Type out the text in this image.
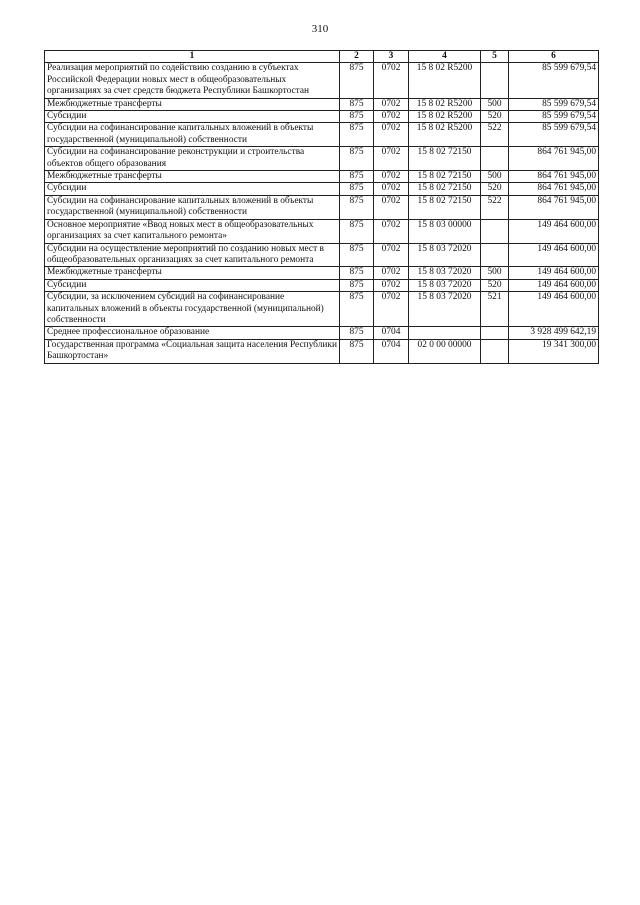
310
1	2	3	4	5	6
Реализация мероприятий по содействию созданию в субъектах Российской Федерации новых мест в общеобразовательных организациях за счет средств бюджета Республики Башкортостан	875	0702	15 8 02 R5200		85 599 679,54
Межбюджетные трансферты	875	0702	15 8 02 R5200	500	85 599 679,54
Субсидии	875	0702	15 8 02 R5200	520	85 599 679,54
Субсидии на софинансирование капитальных вложений в объекты государственной (муниципальной) собственности	875	0702	15 8 02 R5200	522	85 599 679,54
Субсидии на софинансирование реконструкции и строительства объектов общего образования	875	0702	15 8 02 72150		864 761 945,00
Межбюджетные трансферты	875	0702	15 8 02 72150	500	864 761 945,00
Субсидии	875	0702	15 8 02 72150	520	864 761 945,00
Субсидии на софинансирование капитальных вложений в объекты государственной (муниципальной) собственности	875	0702	15 8 02 72150	522	864 761 945,00
Основное мероприятие «Ввод новых мест в общеобразовательных организациях за счет капитального ремонта»	875	0702	15 8 03 00000		149 464 600,00
Субсидии на осуществление мероприятий по созданию новых мест в общеобразовательных организациях за счет капитального ремонта	875	0702	15 8 03 72020		149 464 600,00
Межбюджетные трансферты	875	0702	15 8 03 72020	500	149 464 600,00
Субсидии	875	0702	15 8 03 72020	520	149 464 600,00
Субсидии, за исключением субсидий на софинансирование капитальных вложений в объекты государственной (муниципальной) собственности	875	0702	15 8 03 72020	521	149 464 600,00
Среднее профессиональное образование	875	0704			3 928 499 642,19
Государственная программа «Социальная защита населения Республики Башкортостан»	875	0704	02 0 00 00000		19 341 300,00
